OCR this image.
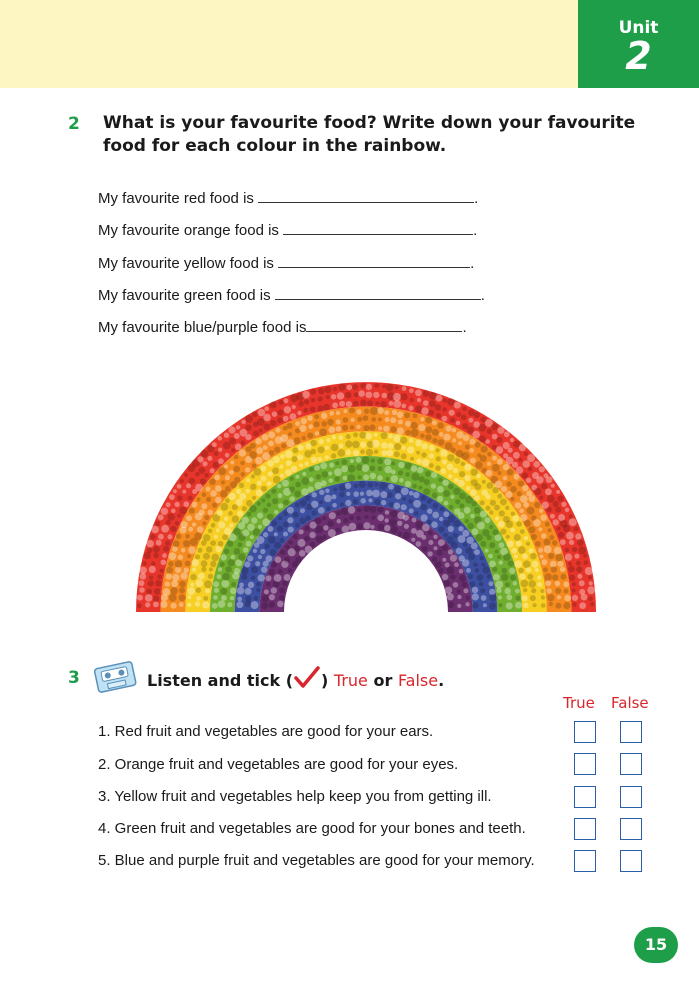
Unit
2
2 What is your favourite food? Write down your favourite
food for each colour in the rainbow.
My favourite red food is	.
My favourite orange food is	.
My favourite yellow food is	.
My favourite green food is	.
My favourite blue/purple food is	.
3	Listen and tick ( ) True or False.
True False
1. Red fruit and vegetables are good for your ears.
2. Orange fruit and vegetables are good for your eyes.
3. Yellow fruit and vegetables help keep you from getting ill.
4. Green fruit and vegetables are good for your bones and teeth.
5. Blue and purple fruit and vegetables are good for your memory.
15
